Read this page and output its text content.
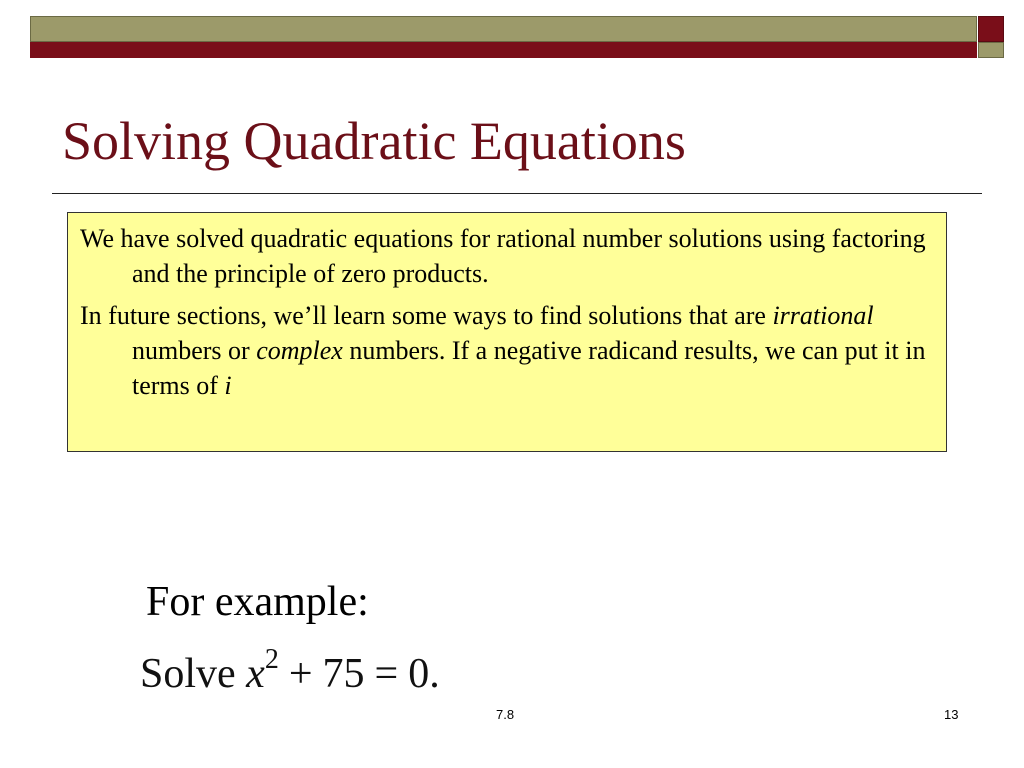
Solving Quadratic Equations

We have solved quadratic equations for rational number solutions using factoring and the principle of zero products.

In future sections, we’ll learn some ways to find solutions that are irrational numbers or complex numbers. If a negative radicand results, we can put it in terms of i

For example:
Solve $x^2 + 75 = 0$.
7.8	13
